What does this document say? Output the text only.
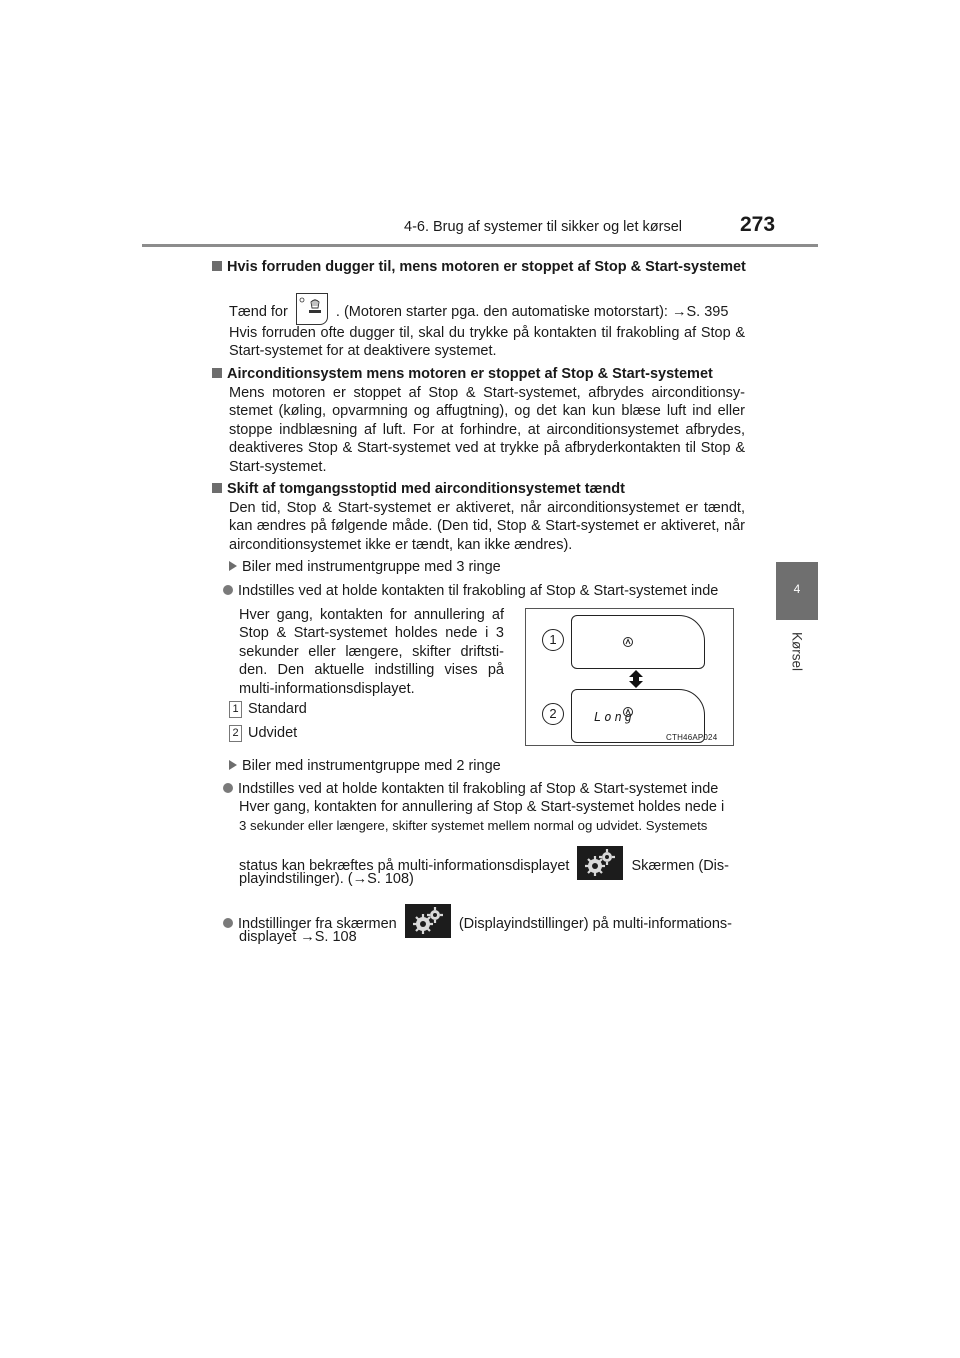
4-6. Brug af systemer til sikker og let kørsel	273
4
Kørsel
Hvis forruden dugger til, mens motoren er stoppet af Stop & Start-systemet
Tænd for	. (Motoren starter pga. den automatiske motorstart): →S. 395
Hvis forruden ofte dugger til, skal du trykke på kontakten til frakobling af Stop & Start-systemet for at deaktivere systemet.
Airconditionsystem mens motoren er stoppet af Stop & Start-systemet
Mens motoren er stoppet af Stop & Start-systemet, afbrydes airconditionsy-stemet (køling, opvarmning og affugtning), og det kan kun blæse luft ind eller stoppe indblæsning af luft. For at forhindre, at airconditionsystemet afbrydes, deaktiveres Stop & Start-systemet ved at trykke på afbryderkontakten til Stop & Start-systemet.
Skift af tomgangsstoptid med airconditionsystemet tændt
Den tid, Stop & Start-systemet er aktiveret, når airconditionsystemet er tændt, kan ændres på følgende måde. (Den tid, Stop & Start-systemet er aktiveret, når airconditionsystemet ikke er tændt, kan ikke ændres).
Biler med instrumentgruppe med 3 ringe
Indstilles ved at holde kontakten til frakobling af Stop & Start-systemet inde
Hver gang, kontakten for annullering af Stop & Start-systemet holdes nede i 3 sekunder eller længere, skifter driftsti-den. Den aktuelle indstilling vises på multi-informationsdisplayet.
1 Standard
2 Udvidet
1
2	Long
CTH46AP024
Biler med instrumentgruppe med 2 ringe
Indstilles ved at holde kontakten til frakobling af Stop & Start-systemet inde
Hver gang, kontakten for annullering af Stop & Start-systemet holdes nede i
3 sekunder eller længere, skifter systemet mellem normal og udvidet. Systemets
status kan bekræftes på multi-informationsdisplayet	Skærmen (Dis-
playindstilinger). (→S. 108)
Indstillinger fra skærmen	(Displayindstillinger) på multi-informations-
displayet →S. 108
